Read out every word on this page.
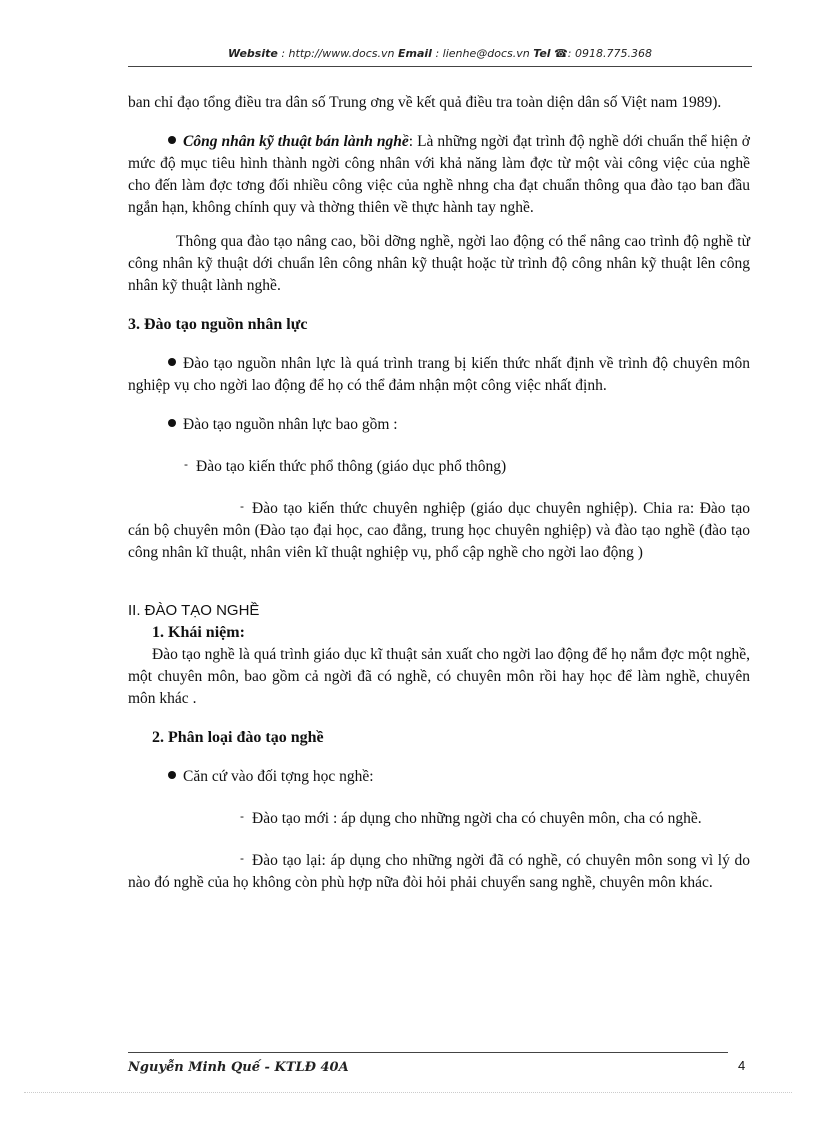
Website : http://www.docs.vn Email : lienhe@docs.vn Tel ☎: 0918.775.368

ban chỉ đạo tổng điều tra dân số Trung ơng về kết quả điều tra toàn diện dân số Việt nam 1989).

Công nhân kỹ thuật bán lành nghề: Là những ngời đạt trình độ nghề dới chuẩn thể hiện ở mức độ mục tiêu hình thành ngời công nhân với khả năng làm đợc từ một vài công việc của nghề cho đến làm đợc tơng đối nhiều công việc của nghề nhng cha đạt chuẩn thông qua đào tạo ban đầu ngắn hạn, không chính quy và thờng thiên về thực hành tay nghề.

Thông qua đào tạo nâng cao, bồi dỡng nghề, ngời lao động có thể nâng cao trình độ nghề từ công nhân kỹ thuật dới chuẩn lên công nhân kỹ thuật hoặc từ trình độ công nhân kỹ thuật lên công nhân kỹ thuật lành nghề.

3. Đào tạo nguồn nhân lực

Đào tạo nguồn nhân lực là quá trình trang bị kiến thức nhất định về trình độ chuyên môn nghiệp vụ cho ngời lao động để họ có thể đảm nhận một công việc nhất định.

Đào tạo nguồn nhân lực bao gồm :

- Đào tạo kiến thức phổ thông (giáo dục phổ thông)

- Đào tạo kiến thức chuyên nghiệp (giáo dục chuyên nghiệp). Chia ra: Đào tạo cán bộ chuyên môn (Đào tạo đại học, cao đẳng, trung học chuyên nghiệp) và đào tạo nghề (đào tạo công nhân kĩ thuật, nhân viên kĩ thuật nghiệp vụ, phổ cập nghề cho ngời lao động )

II. ĐÀO TẠO NGHỀ

1. Khái niệm:

Đào tạo nghề là quá trình giáo dục kĩ thuật sản xuất cho ngời lao động để họ nắm đợc một nghề, một chuyên môn, bao gồm cả ngời đã có nghề, có chuyên môn rồi hay học để làm nghề, chuyên môn khác .

2. Phân loại đào tạo nghề

Căn cứ vào đối tợng học nghề:

- Đào tạo mới : áp dụng cho những ngời cha có chuyên môn, cha có nghề.

- Đào tạo lại: áp dụng cho những ngời đã có nghề, có chuyên môn song vì lý do nào đó nghề của họ không còn phù hợp nữa đòi hỏi phải chuyển sang nghề, chuyên môn khác.

Nguyễn Minh Quế - KTLĐ 40A	4
